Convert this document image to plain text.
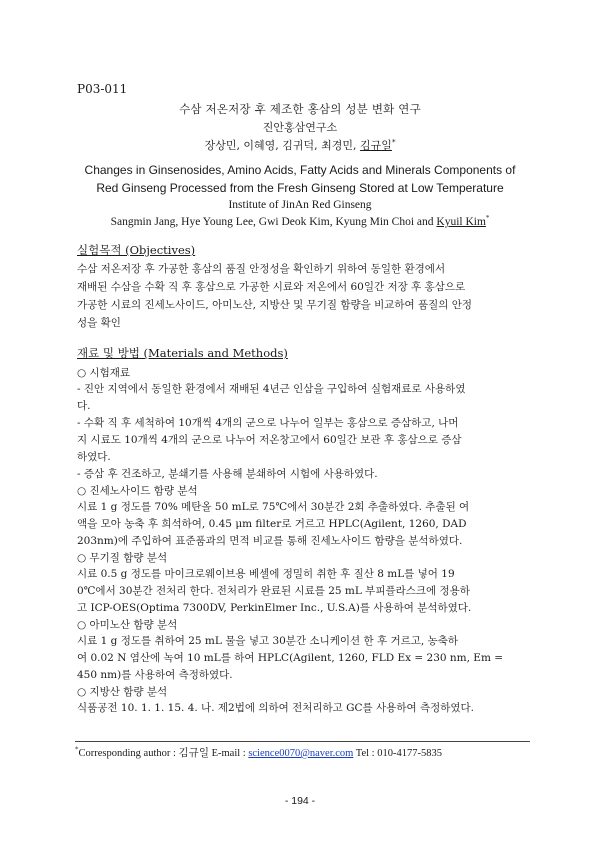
P03-011
수삼 저온저장 후 제조한 홍삼의 성분 변화 연구
진안홍삼연구소
장상민, 이혜영, 김귀덕, 최경민, 김규일*
Changes in Ginsenosides, Amino Acids, Fatty Acids and Minerals Components of
Red Ginseng Processed from the Fresh Ginseng Stored at Low Temperature
Institute of JinAn Red Ginseng
Sangmin Jang, Hye Young Lee, Gwi Deok Kim, Kyung Min Choi and Kyuil Kim*
실험목적 (Objectives)
수삼 저온저장 후 가공한 홍삼의 품질 안정성을 확인하기 위하여 동일한 환경에서
재배된 수삼을 수확 직 후 홍삼으로 가공한 시료와 저온에서 60일간 저장 후 홍삼으로
가공한 시료의 진세노사이드, 아미노산, 지방산 및 무기질 함량을 비교하여 품질의 안정
성을 확인
재료 및 방법 (Materials and Methods)
○ 시험재료
- 진안 지역에서 동일한 환경에서 재배된 4년근 인삼을 구입하여 실험재료로 사용하였
다.
- 수확 직 후 세척하여 10개씩 4개의 군으로 나누어 일부는 홍삼으로 증삼하고, 나머
지 시료도 10개씩 4개의 군으로 나누어 저온창고에서 60일간 보관 후 홍삼으로 증삼
하였다.
- 증삼 후 건조하고, 분쇄기를 사용해 분쇄하여 시험에 사용하였다.
○ 진세노사이드 함량 분석
시료 1 g 정도를 70% 메탄올 50 mL로 75℃에서 30분간 2회 추출하였다. 추출된 여
액을 모아 농축 후 희석하여, 0.45 μm filter로 거르고 HPLC(Agilent, 1260, DAD
203nm)에 주입하여 표준품과의 면적 비교를 통해 진세노사이드 함량을 분석하였다.
○ 무기질 함량 분석
시료 0.5 g 정도를 마이크로웨이브용 베셀에 정밀히 취한 후 질산 8 mL를 넣어 19
0℃에서 30분간 전처리 한다. 전처리가 완료된 시료를 25 mL 부피플라스크에 정용하
고 ICP-OES(Optima 7300DV, PerkinElmer Inc., U.S.A)를 사용하여 분석하였다.
○ 아미노산 함량 분석
시료 1 g 정도를 취하여 25 mL 물을 넣고 30분간 소니케이션 한 후 거르고, 농축하
여 0.02 N 염산에 녹여 10 mL를 하여 HPLC(Agilent, 1260, FLD Ex = 230 nm, Em =
450 nm)를 사용하여 측정하였다.
○ 지방산 함량 분석
식품공전 10. 1. 1. 15. 4. 나. 제2법에 의하여 전처리하고 GC를 사용하여 측정하였다.
*Corresponding author : 김규일 E-mail : science0070@naver.com Tel : 010-4177-5835
- 194 -
